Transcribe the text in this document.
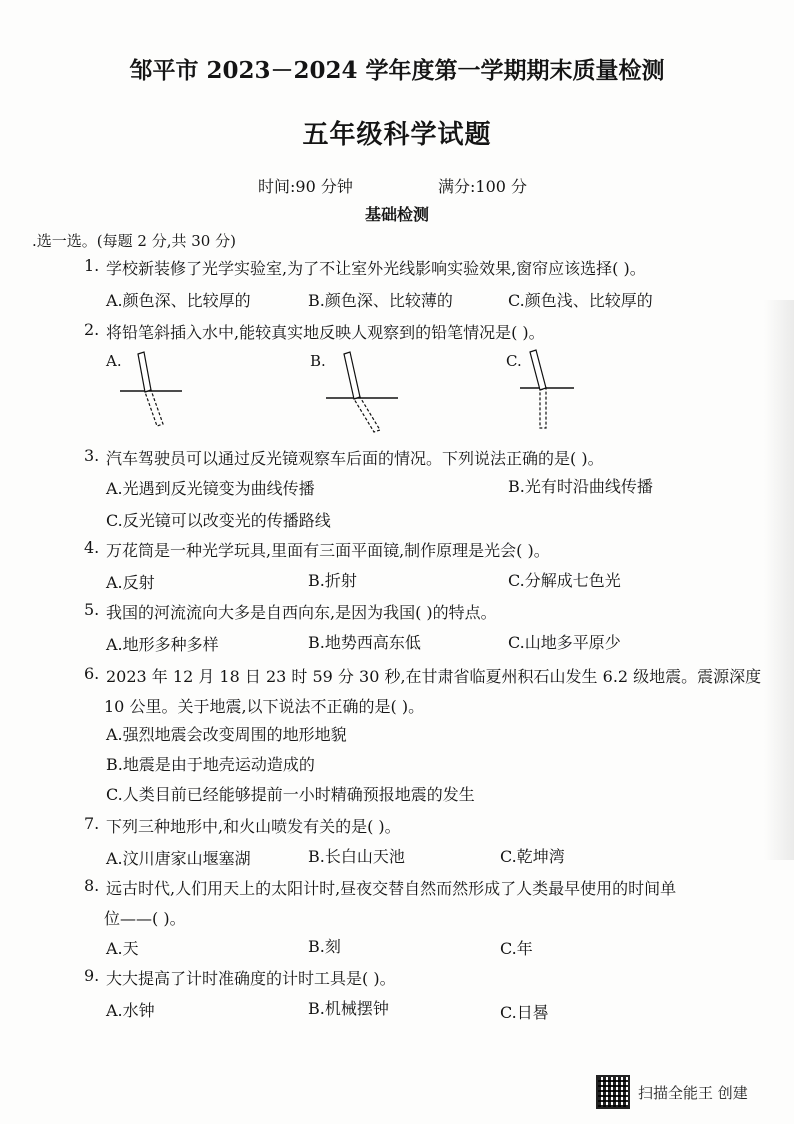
邹平市 2023－2024 学年度第一学期期末质量检测
五年级科学试题
时间:90 分钟	满分:100 分
基础检测
.选一选。(每题 2 分,共 30 分)
1. 学校新装修了光学实验室,为了不让室外光线影响实验效果,窗帘应该选择( )。
A.颜色深、比较厚的	B.颜色深、比较薄的	C.颜色浅、比较厚的
2. 将铅笔斜插入水中,能较真实地反映人观察到的铅笔情况是( )。
A.	B.	C.
3. 汽车驾驶员可以通过反光镜观察车后面的情况。下列说法正确的是( )。
A.光遇到反光镜变为曲线传播	B.光有时沿曲线传播
C.反光镜可以改变光的传播路线
4. 万花筒是一种光学玩具,里面有三面平面镜,制作原理是光会( )。
A.反射	B.折射	C.分解成七色光
5. 我国的河流流向大多是自西向东,是因为我国( )的特点。
A.地形多种多样	B.地势西高东低	C.山地多平原少
6. 2023 年 12 月 18 日 23 时 59 分 30 秒,在甘肃省临夏州积石山发生 6.2 级地震。震源深度
10 公里。关于地震,以下说法不正确的是( )。
A.强烈地震会改变周围的地形地貌
B.地震是由于地壳运动造成的
C.人类目前已经能够提前一小时精确预报地震的发生
7. 下列三种地形中,和火山喷发有关的是( )。
A.汶川唐家山堰塞湖	B.长白山天池	C.乾坤湾
8. 远古时代,人们用天上的太阳计时,昼夜交替自然而然形成了人类最早使用的时间单
位——( )。
A.天	B.刻	C.年
9. 大大提高了计时准确度的计时工具是( )。
A.水钟	B.机械摆钟	C.日晷
扫描全能王 创建
